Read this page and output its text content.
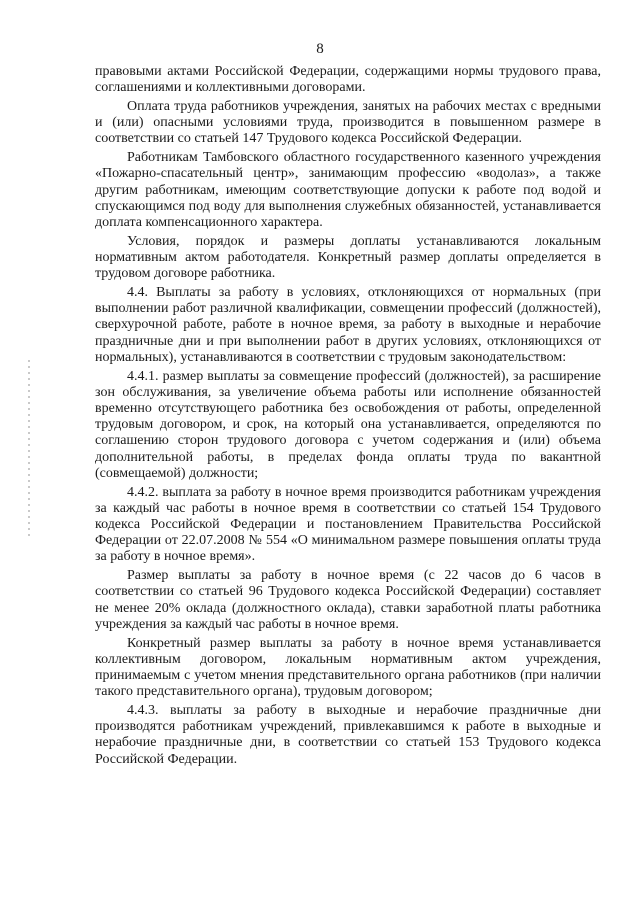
8

правовыми актами Российской Федерации, содержащими нормы трудового права, соглашениями и коллективными договорами.

Оплата труда работников учреждения, занятых на рабочих местах с вредными и (или) опасными условиями труда, производится в повышенном размере в соответствии со статьей 147 Трудового кодекса Российской Федерации.

Работникам Тамбовского областного государственного казенного учреждения «Пожарно-спасательный центр», занимающим профессию «водолаз», а также другим работникам, имеющим соответствующие допуски к работе под водой и спускающимся под воду для выполнения служебных обязанностей, устанавливается доплата компенсационного характера.

Условия, порядок и размеры доплаты устанавливаются локальным нормативным актом работодателя. Конкретный размер доплаты определяется в трудовом договоре работника.

4.4. Выплаты за работу в условиях, отклоняющихся от нормальных (при выполнении работ различной квалификации, совмещении профессий (должностей), сверхурочной работе, работе в ночное время, за работу в выходные и нерабочие праздничные дни и при выполнении работ в других условиях, отклоняющихся от нормальных), устанавливаются в соответствии с трудовым законодательством:

4.4.1. размер выплаты за совмещение профессий (должностей), за расширение зон обслуживания, за увеличение объема работы или исполнение обязанностей временно отсутствующего работника без освобождения от работы, определенной трудовым договором, и срок, на который она устанавливается, определяются по соглашению сторон трудового договора с учетом содержания и (или) объема дополнительной работы, в пределах фонда оплаты труда по вакантной (совмещаемой) должности;

4.4.2. выплата за работу в ночное время производится работникам учреждения за каждый час работы в ночное время в соответствии со статьей 154 Трудового кодекса Российской Федерации и постановлением Правительства Российской Федерации от 22.07.2008 № 554 «О минимальном размере повышения оплаты труда за работу в ночное время».

Размер выплаты за работу в ночное время (с 22 часов до 6 часов в соответствии со статьей 96 Трудового кодекса Российской Федерации) составляет не менее 20% оклада (должностного оклада), ставки заработной платы работника учреждения за каждый час работы в ночное время.

Конкретный размер выплаты за работу в ночное время устанавливается коллективным договором, локальным нормативным актом учреждения, принимаемым с учетом мнения представительного органа работников (при наличии такого представительного органа), трудовым договором;

4.4.3. выплаты за работу в выходные и нерабочие праздничные дни производятся работникам учреждений, привлекавшимся к работе в выходные и нерабочие праздничные дни, в соответствии со статьей 153 Трудового кодекса Российской Федерации.
